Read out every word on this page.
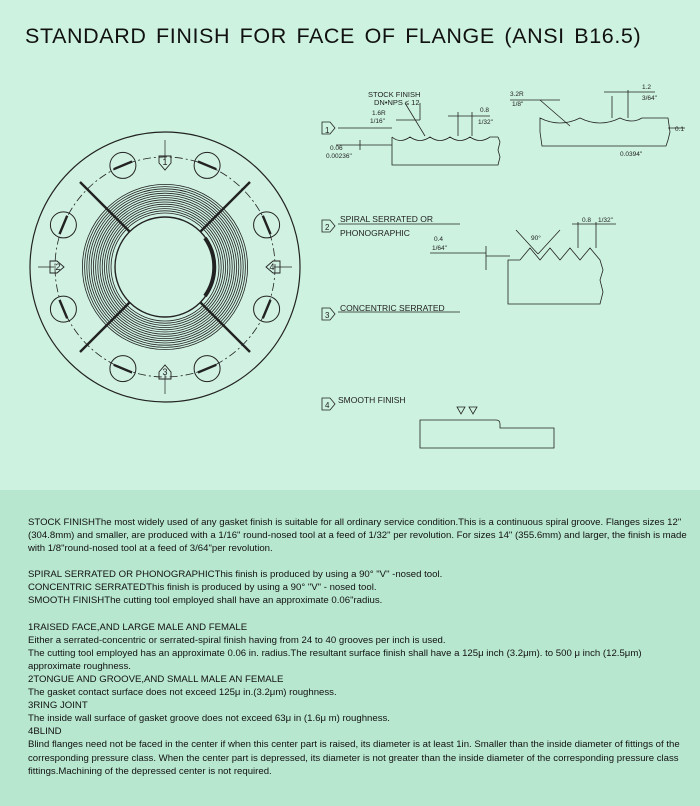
STANDARD FINISH FOR FACE OF FLANGE (ANSI B16.5)
1
2
3
4
1
STOCK FINISH
DN•NPS ≤ 12
1.6R
1/16"
0.8
1/32"
0.06
0.00236"
3.2R
1/8"
1.2
3/64"
0.1
0.0394"
2
SPIRAL SERRATED OR
PHONOGRAPHIC
0.4
1/64"
90°
0.8 1/32"
3
CONCENTRIC SERRATED
4
SMOOTH FINISH

STOCK FINISHThe most widely used of any gasket finish is suitable for all ordinary service condition.This is a continuous spiral groove. Flanges sizes 12"(304.8mm) and smaller, are produced with a 1/16" round-nosed tool at a feed of 1/32" per revolution. For sizes 14" (355.6mm) and larger, the finish is made with 1/8"round-nosed tool at a feed of 3/64"per revolution.

SPIRAL SERRATED OR PHONOGRAPHICThis finish is produced by using a 90° "V" -nosed tool.

CONCENTRIC SERRATEDThis finish is produced by using a 90° "V" - nosed tool.

SMOOTH FINISHThe cutting tool employed shall have an approximate 0.06"radius.

1RAISED FACE,AND LARGE MALE AND FEMALE

Either a serrated-concentric or serrated-spiral finish having from 24 to 40 grooves per inch is used.

The cutting tool employed has an approximate 0.06 in. radius.The resultant surface finish shall have a 125μ inch (3.2μm). to 500 μ inch (12.5μm) approximate roughness.

2TONGUE AND GROOVE,AND SMALL MALE AN FEMALE

The gasket contact surface does not exceed 125μ in.(3.2μm) roughness.

3RING JOINT

The inside wall surface of gasket groove does not exceed 63μ in (1.6μ m) roughness.

4BLIND

Blind flanges need not be faced in the center if when this center part is raised, its diameter is at least 1in. Smaller than the inside diameter of fittings of the corresponding pressure class. When the center part is depressed, its diameter is not greater than the inside diameter of the corresponding pressure class fittings.Machining of the depressed center is not required.
